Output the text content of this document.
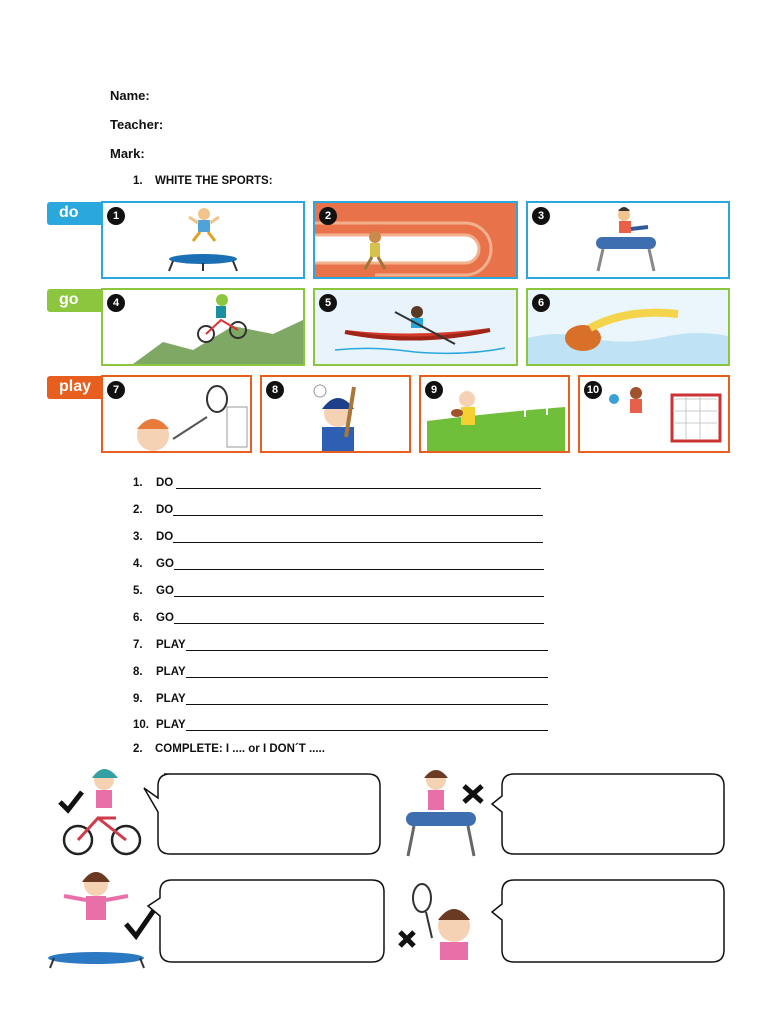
Name:
Teacher:
Mark:
1. WHITE THE SPORTS:
do
go
play
1	2	3
4	5	6
7	8	9	10
1. DO
2. DO
3. DO
4. GO
5. GO
6. GO
7. PLAY
8. PLAY
9. PLAY
10. PLAY
2. COMPLETE: I .... or I DON´T .....
